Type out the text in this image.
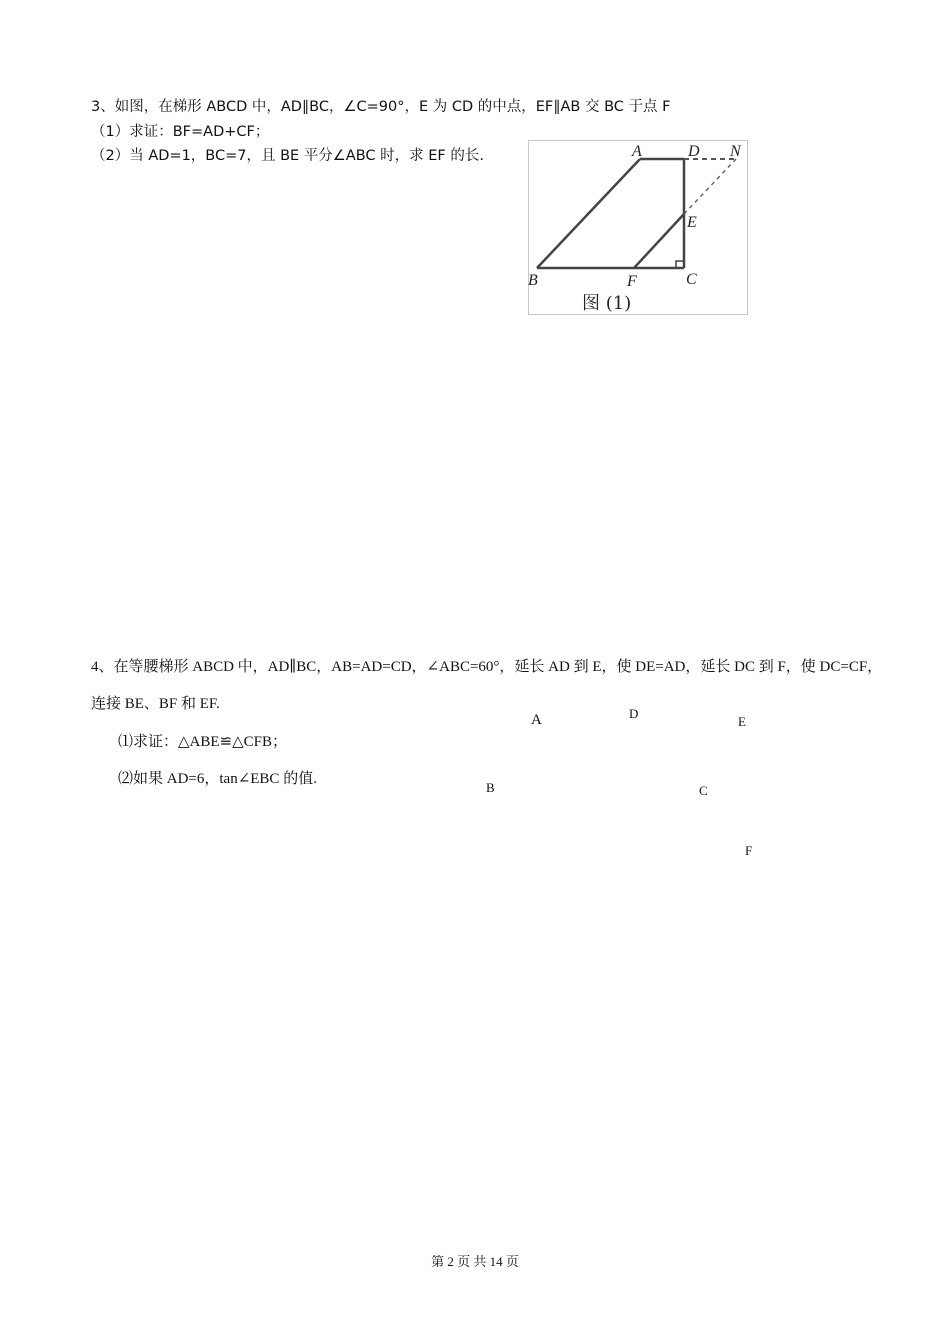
3、如图，在梯形 ABCD 中，AD∥BC，∠C=90°，E 为 CD 的中点，EF∥AB 交 BC 于点 F
（1）求证：BF=AD+CF；
（2）当 AD=1，BC=7，且 BE 平分∠ABC 时，求 EF 的长.	A	D N
E
B	F	C
图 (1)
4、在等腰梯形 ABCD 中，AD∥BC，AB=AD=CD，∠ABC=60°，延长 AD 到 E，使 DE=AD，延长 DC 到 F，使 DC=CF，
连接 BE、BF 和 EF.
⑴求证：△ABE≌△CFB；
⑵如果 AD=6，tan∠EBC 的值.
A	D
E
B	C
F
第 2 页 共 14 页
